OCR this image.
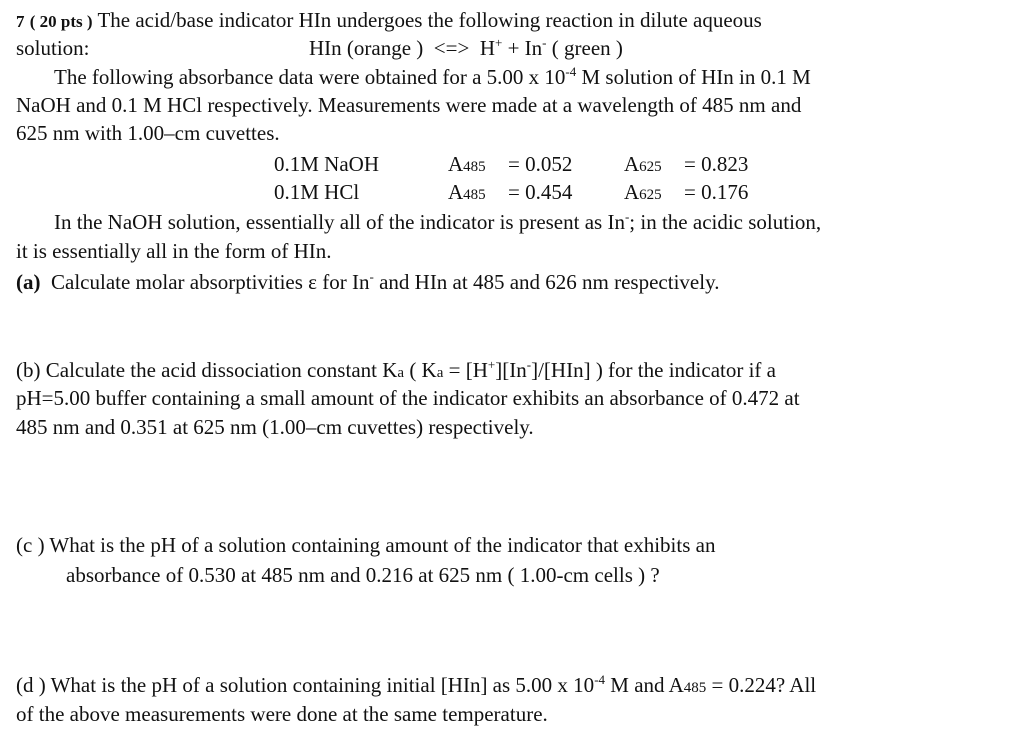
7 ( 20 pts ) The acid/base indicator HIn undergoes the following reaction in dilute aqueous
solution:	HIn (orange ) <=> H+ + In- ( green )
The following absorbance data were obtained for a 5.00 x $10^{-4}$ M solution of HIn in 0.1 M
NaOH and 0.1 M HCl respectively. Measurements were made at a wavelength of 485 nm and
625 nm with 1.00–cm cuvettes.
0.1M NaOH	A485 = 0.052 A625 = 0.823
0.1M HCl	A485 = 0.454 A625 = 0.176
In the NaOH solution, essentially all of the indicator is present as In-; in the acidic solution,
it is essentially all in the form of HIn.
(a) Calculate molar absorptivities ε for In- and HIn at 485 and 626 nm respectively.
(b) Calculate the acid dissociation constant Ka ( Ka = [H+][In-]/[HIn] ) for the indicator if a
pH=5.00 buffer containing a small amount of the indicator exhibits an absorbance of 0.472 at
485 nm and 0.351 at 625 nm (1.00–cm cuvettes) respectively.
(c ) What is the pH of a solution containing amount of the indicator that exhibits an
absorbance of 0.530 at 485 nm and 0.216 at 625 nm ( 1.00-cm cells ) ?
(d ) What is the pH of a solution containing initial [HIn] as 5.00 x $10^{-4}$ M and A485 = 0.224? All
of the above measurements were done at the same temperature.
